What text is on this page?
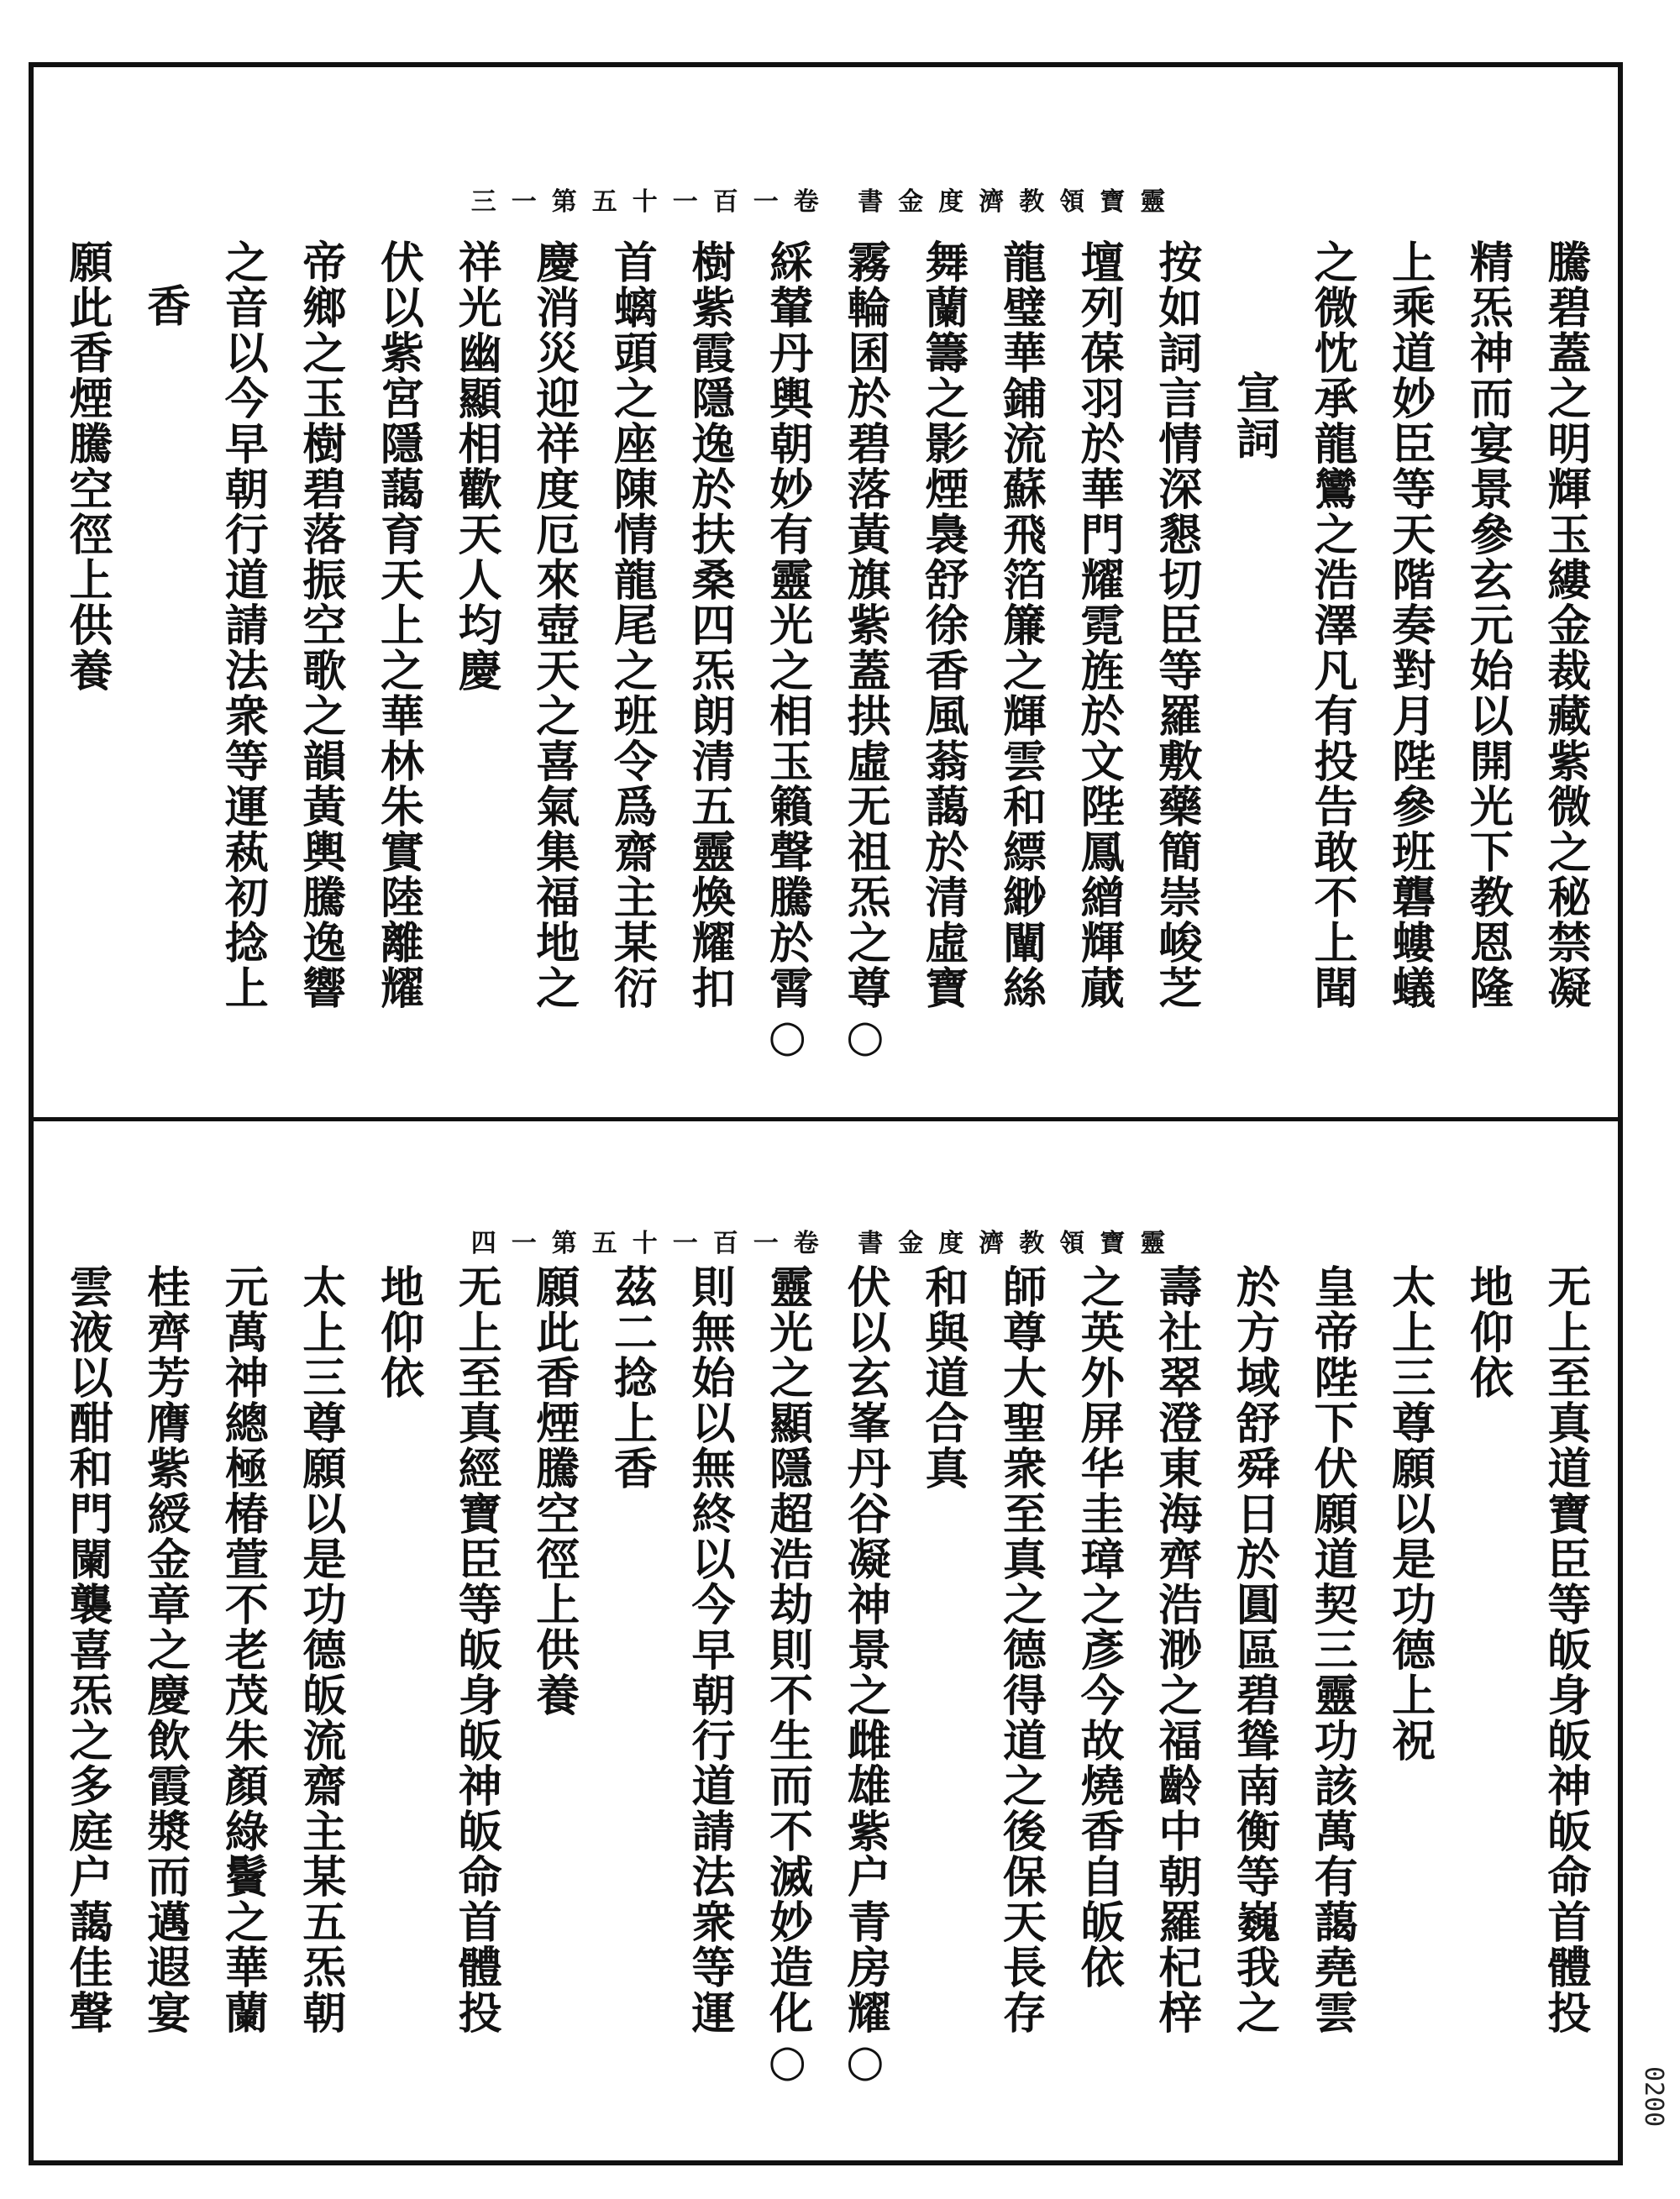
靈寶領教濟度金書 卷一百一十五第一三
騰碧蓋之明輝玉縷金裁藏紫微之秘禁凝
精炁神而宴景參玄元始以開光下教恩隆
上乘道妙臣等天階奏對月陛參班礱螻蟻
之微忱承龍鸞之浩澤凡有投告敢不上聞
宣詞
按如詞言情深懇切臣等羅敷藥簡崇峻芝
壇列葆羽於華門耀霓旌於文陛鳳繒輝蕆
龍璧華鋪流蘇飛箔簾之輝雲和縹緲闡絲
舞蘭籌之影煙裊舒徐香風蓊藹於清虛寶
霧輪囷於碧落黃旗紫蓋拱虛无祖炁之尊○
綵輦丹輿朝妙有靈光之相玉籟聲騰於霄○
樹紫霞隱逸於扶桑四炁朗清五靈煥耀扣
首螭頭之座陳情龍尾之班令爲齋主某衍
慶消災迎祥度厄來壺天之喜氣集福地之
祥光幽顯相歡天人均慶
伏以紫宮隱藹育天上之華林朱實陸離耀
帝鄉之玉樹碧落振空歌之韻黃輿騰逸響
之音以今早朝行道請法衆等運萟初捻上
香
願此香煙騰空徑上供養
靈寶領教濟度金書 卷一百一十五第一四
无上至真道寶臣等皈身皈神皈命首體投
地仰依
太上三尊願以是功德上祝
皇帝陛下伏願道契三靈功該萬有藹堯雲
於方域舒舜日於圓區碧聳南衡等巍我之
壽社翠澄東海齊浩渺之福齡中朝羅杞梓
之英外屏华圭璋之彥今故燒香自皈依
師尊大聖衆至真之德得道之後保天長存
和與道合真
伏以玄峯丹谷凝神景之雌雄紫户青房耀○
靈光之顯隱超浩劫則不生而不滅妙造化○
則無始以無終以今早朝行道請法衆等運
茲二捻上香
願此香煙騰空徑上供養
无上至真經寶臣等皈身皈神皈命首體投
地仰依
太上三尊願以是功德皈流齋主某五炁朝
元萬神總極椿萱不老茂朱顏綠鬢之華蘭
桂齊芳膺紫綬金章之慶飲霞漿而邁遐宴
雲液以酣和門闌襲喜炁之多庭户藹佳聲
0200
